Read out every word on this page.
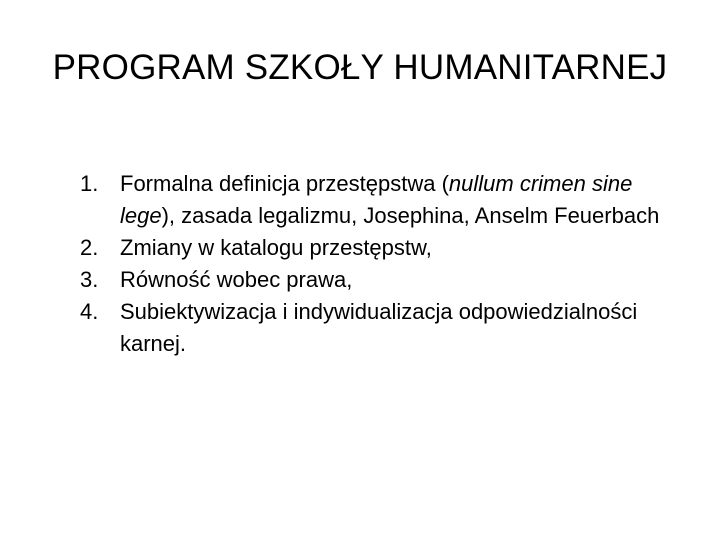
PROGRAM SZKOŁY HUMANITARNEJ
1. Formalna definicja przestępstwa (nullum crimen sine lege), zasada legalizmu, Josephina, Anselm Feuerbach
2. Zmiany w katalogu przestępstw,
3. Równość wobec prawa,
4. Subiektywizacja i indywidualizacja odpowiedzialności karnej.
